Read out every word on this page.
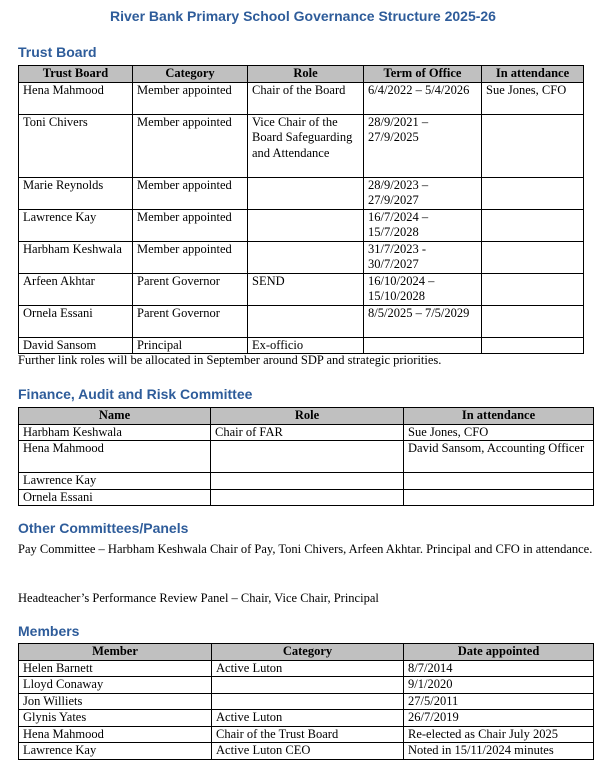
River Bank Primary School Governance Structure 2025-26
Trust Board
Trust Board	Category	Role	Term of Office	In attendance
Hena Mahmood	Member appointed	Chair of the Board	6/4/2022 – 5/4/2026	Sue Jones, CFO
Toni Chivers	Member appointed	Vice Chair of the Board Safeguarding and Attendance	28/9/2021 – 27/9/2025	
Marie Reynolds	Member appointed		28/9/2023 – 27/9/2027	
Lawrence Kay	Member appointed		16/7/2024 – 15/7/2028	
Harbham Keshwala	Member appointed		31/7/2023 - 30/7/2027	
Arfeen Akhtar	Parent Governor	SEND	16/10/2024 – 15/10/2028	
Ornela Essani	Parent Governor		8/5/2025 – 7/5/2029	
David Sansom	Principal	Ex-officio		
Further link roles will be allocated in September around SDP and strategic priorities.
Finance, Audit and Risk Committee
Name	Role	In attendance
Harbham Keshwala	Chair of FAR	Sue Jones, CFO
Hena Mahmood		David Sansom, Accounting Officer
Lawrence Kay		
Ornela Essani		
Other Committees/Panels
Pay Committee – Harbham Keshwala Chair of Pay, Toni Chivers, Arfeen Akhtar. Principal and CFO in attendance.
Headteacher’s Performance Review Panel – Chair, Vice Chair, Principal
Members
Member	Category	Date appointed
Helen Barnett	Active Luton	8/7/2014
Lloyd Conaway		9/1/2020
Jon Williets		27/5/2011
Glynis Yates	Active Luton	26/7/2019
Hena Mahmood	Chair of the Trust Board	Re-elected as Chair July 2025
Lawrence Kay	Active Luton CEO	Noted in 15/11/2024 minutes
